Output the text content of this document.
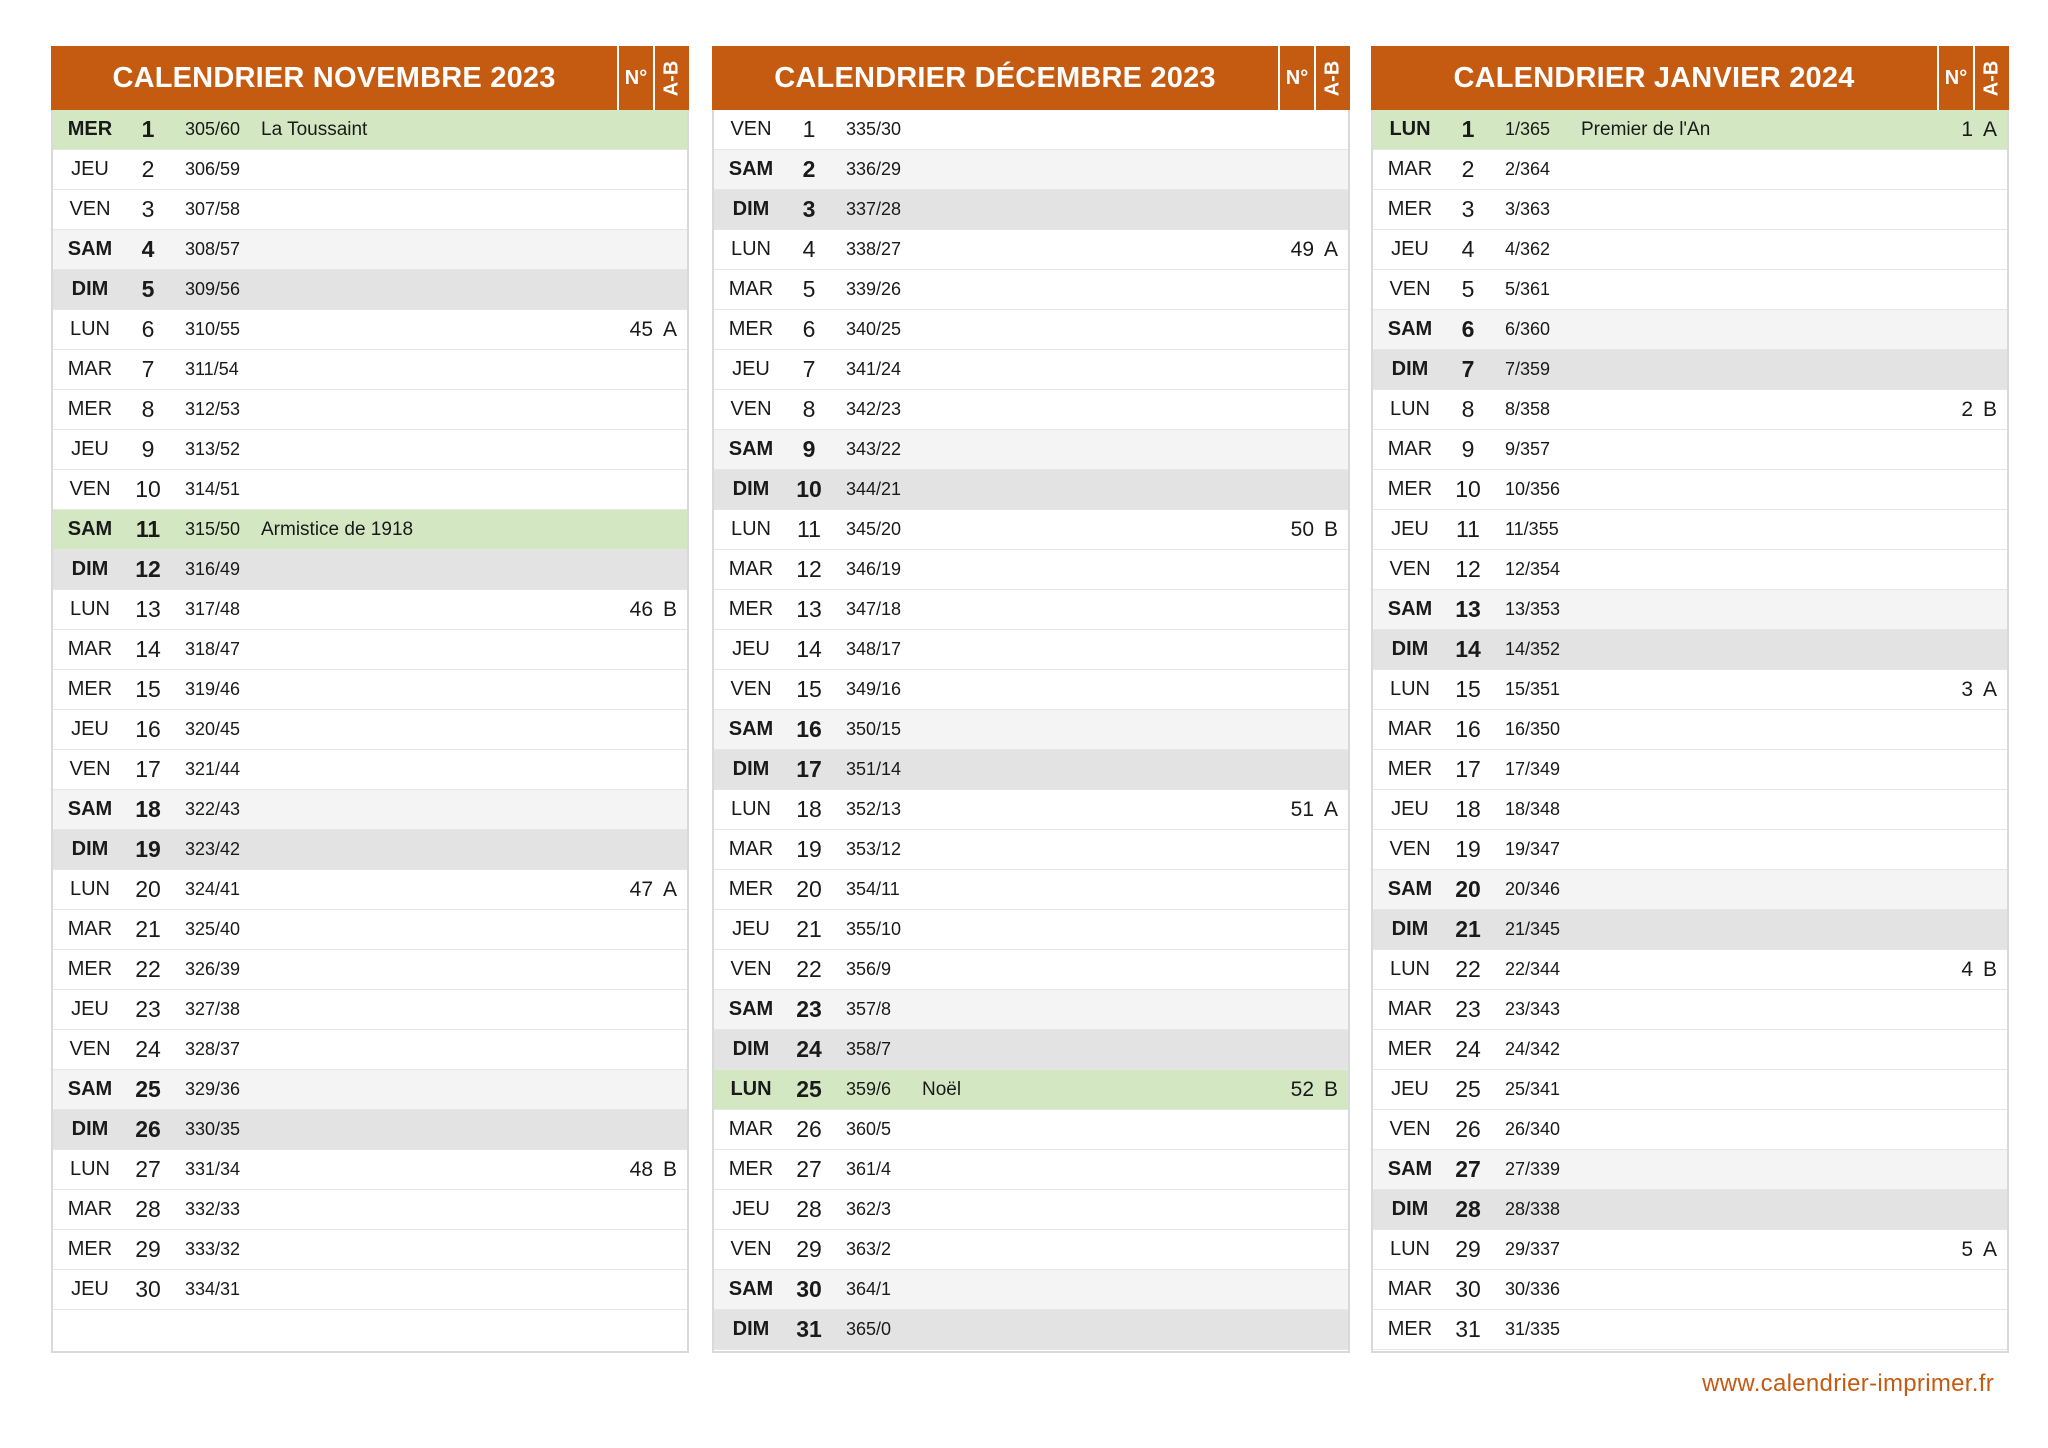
CALENDRIER NOVEMBRE 2023	N° A-B
MER	1	305/60	La Toussaint
JEU	2	306/59
VEN	3	307/58
SAM	4	308/57
DIM	5	309/56
LUN	6	310/55	45 A
MAR	7	311/54
MER	8	312/53
JEU	9	313/52
VEN	10	314/51
SAM	11	315/50	Armistice de 1918
DIM	12	316/49
LUN	13	317/48	46 B
MAR 14	318/47
MER 15	319/46
JEU	16	320/45
VEN	17	321/44
SAM 18	322/43
DIM	19	323/42
LUN	20	324/41	47 A
MAR 21	325/40
MER 22	326/39
JEU	23	327/38
VEN	24	328/37
SAM 25	329/36
DIM	26	330/35
LUN	27	331/34	48 B
MAR 28	332/33
MER 29	333/32
JEU	30	334/31
CALENDRIER DÉCEMBRE 2023	N° A-B
VEN	1	335/30
SAM	2	336/29
DIM	3	337/28
LUN	4	338/27	49 A
MAR	5	339/26
MER	6	340/25
JEU	7	341/24
VEN	8	342/23
SAM	9	343/22
DIM	10	344/21
LUN	11	345/20	50 B
MAR 12	346/19
MER 13	347/18
JEU	14	348/17
VEN	15	349/16
SAM 16	350/15
DIM	17	351/14
LUN	18	352/13	51 A
MAR 19	353/12
MER 20	354/11
JEU	21	355/10
VEN	22	356/9
SAM 23	357/8
DIM	24	358/7
LUN	25	359/6	Noël	52 B
MAR 26	360/5
MER 27	361/4
JEU	28	362/3
VEN	29	363/2
SAM 30	364/1
DIM	31	365/0
CALENDRIER JANVIER 2024	N° A-B
LUN	1	1/365	Premier de l'An	1 A
MAR	2	2/364
MER	3	3/363
JEU	4	4/362
VEN	5	5/361
SAM	6	6/360
DIM	7	7/359
LUN	8	8/358	2 B
MAR	9	9/357
MER 10	10/356
JEU	11	11/355
VEN	12	12/354
SAM 13	13/353
DIM	14	14/352
LUN	15	15/351	3 A
MAR 16	16/350
MER 17	17/349
JEU	18	18/348
VEN	19	19/347
SAM 20	20/346
DIM	21	21/345
LUN	22	22/344	4 B
MAR 23	23/343
MER 24	24/342
JEU	25	25/341
VEN	26	26/340
SAM 27	27/339
DIM	28	28/338
LUN	29	29/337	5 A
MAR 30	30/336
MER 31	31/335
www.calendrier-imprimer.fr
